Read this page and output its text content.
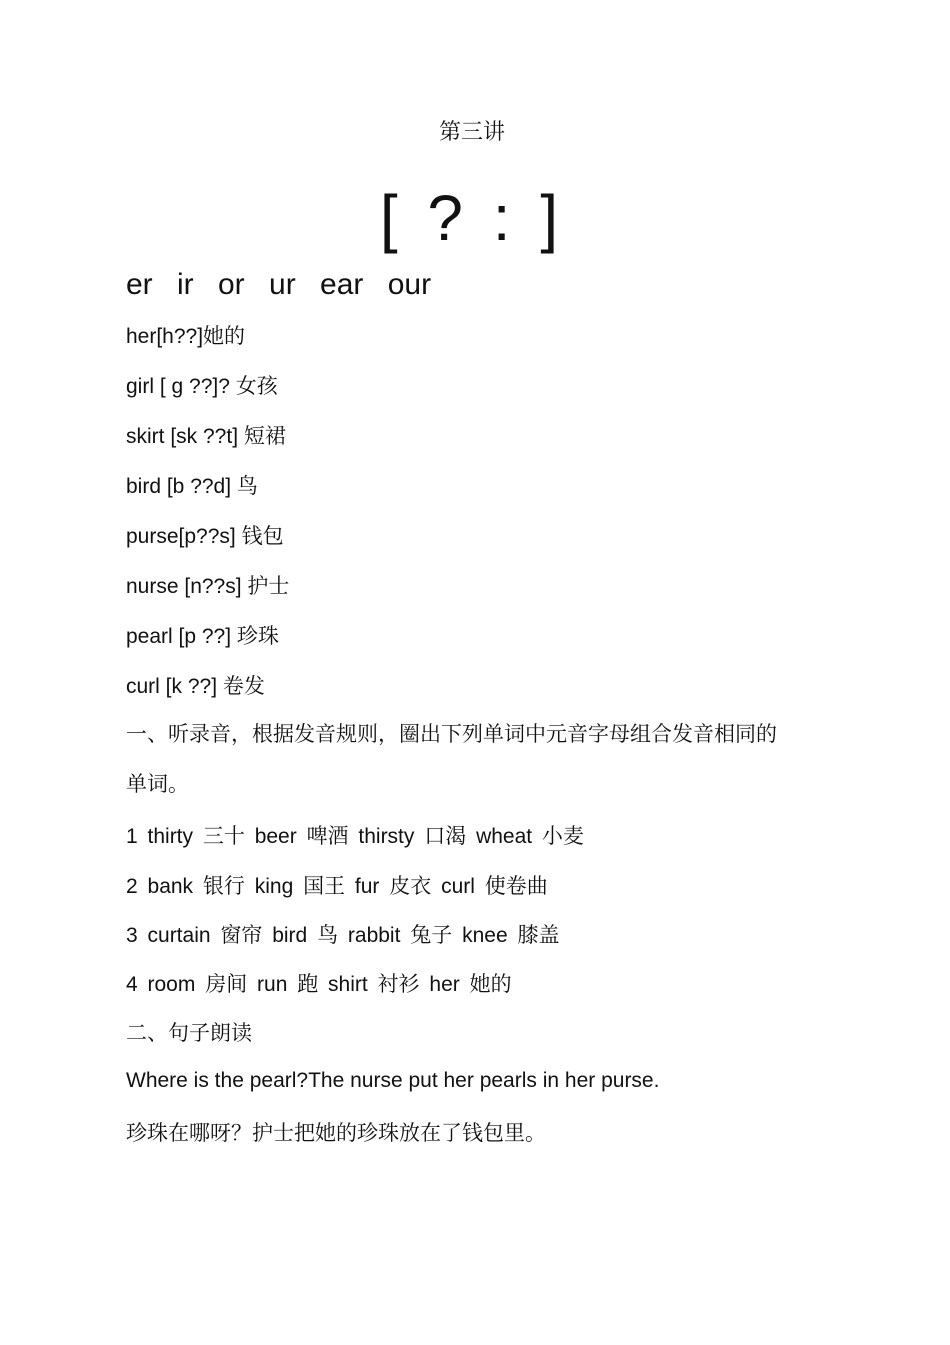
第三讲
[ ? : ]
er ir or ur ear our
her[h??]她的
girl [ g ??]? 女孩
skirt [sk ??t] 短裙
bird [b ??d] 鸟
purse[p??s] 钱包
nurse [n??s] 护士
pearl [p ??] 珍珠
curl [k ??] 卷发
一、听录音，根据发音规则，圈出下列单词中元音字母组合发音相同的
单词。
1 thirty 三十 beer 啤酒 thirsty 口渴 wheat 小麦
2 bank 银行 king 国王 fur 皮衣 curl 使卷曲
3 curtain 窗帘 bird 鸟 rabbit 兔子 knee 膝盖
4 room 房间 run 跑 shirt 衬衫 her 她的
二、句子朗读
Where is the pearl?The nurse put her pearls in her purse.
珍珠在哪呀？护士把她的珍珠放在了钱包里。
